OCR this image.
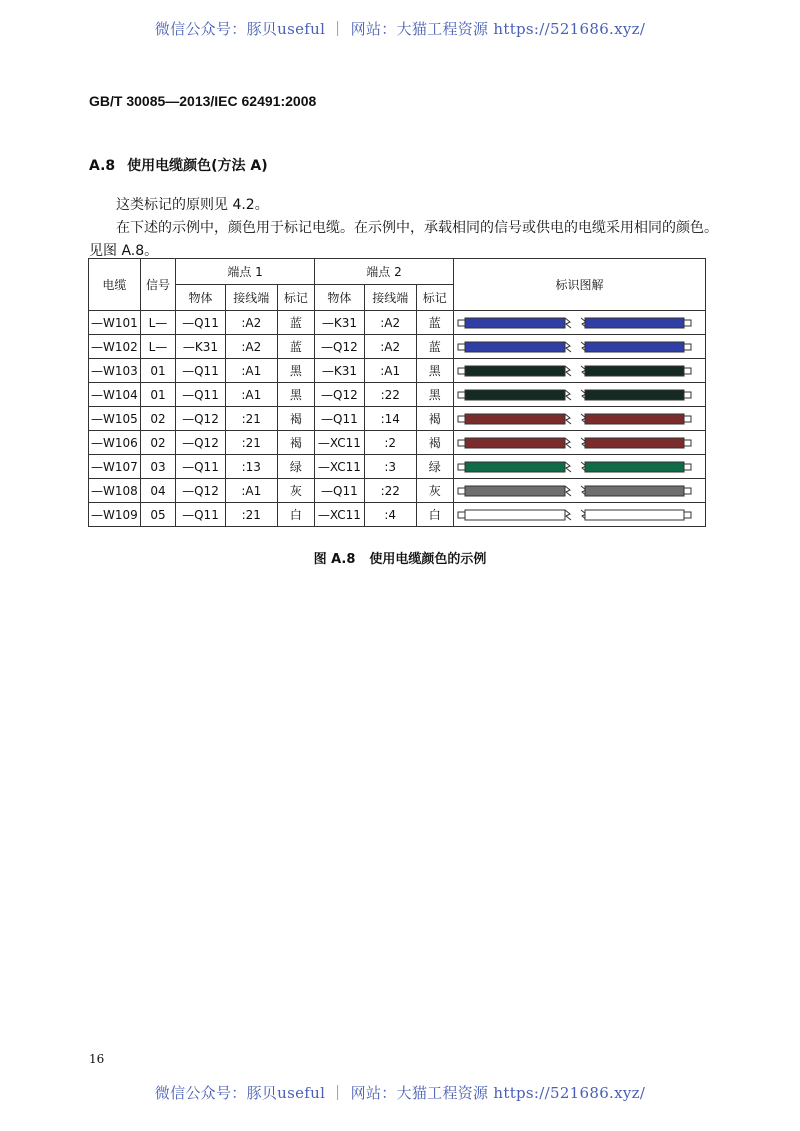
微信公众号：豚贝useful ｜ 网站：大猫工程资源 https://521686.xyz/
GB/T 30085—2013/IEC 62491:2008
A.8 使用电缆颜色(方法 A)
这类标记的原则见 4.2。
在下述的示例中，颜色用于标记电缆。在示例中，承载相同的信号或供电的电缆采用相同的颜色。
见图 A.8。
电缆	信号	端点 1			端点 2			标识图解
		物体	接线端	标记	物体	接线端	标记	
—W101	L—	—Q11	:A2	蓝	—K31	:A2	蓝	

—W102	L—	—K31	:A2	蓝	—Q12	:A2	蓝	

—W103	01	—Q11	:A1	黑	—K31	:A1	黑	

—W104	01	—Q11	:A1	黑	—Q12	:22	黑	

—W105	02	—Q12	:21	褐	—Q11	:14	褐	

—W106	02	—Q12	:21	褐	—XC11	:2	褐	

—W107	03	—Q11	:13	绿	—XC11	:3	绿	

—W108	04	—Q12	:A1	灰	—Q11	:22	灰	

—W109	05	—Q11	:21	白	—XC11	:4	白	
图 A.8 使用电缆颜色的示例
16
微信公众号：豚贝useful ｜ 网站：大猫工程资源 https://521686.xyz/
